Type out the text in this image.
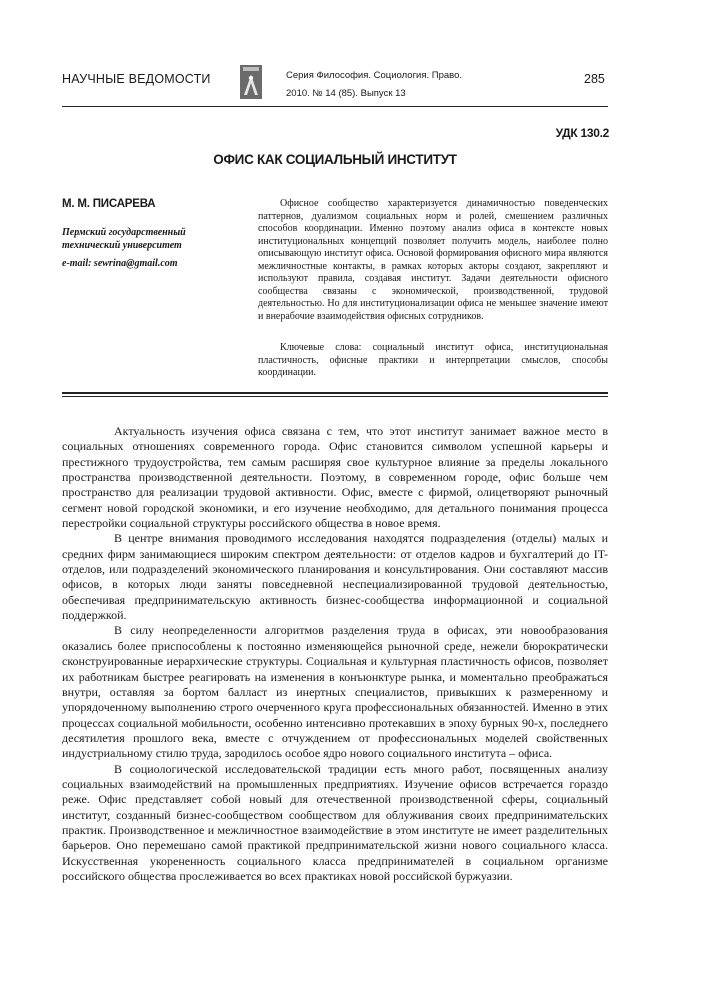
НАУЧНЫЕ ВЕДОМОСТИ	Серия Философия. Социология. Право.
2010. № 14 (85). Выпуск 13
285
УДК 130.2
ОФИС КАК СОЦИАЛЬНЫЙ ИНСТИТУТ
М. М. ПИСАРЕВА
Пермский государственный технический университет
e-mail: sewrina@gmail.com

Офисное сообщество характеризуется динамичностью поведенческих паттернов, дуализмом социальных норм и ролей, смешением различных способов координации. Именно поэтому анализ офиса в контексте новых институциональных концепций позволяет получить модель, наиболее полно описывающую институт офиса. Основой формирования офисного мира являются межличностные контакты, в рамках которых акторы создают, закрепляют и используют правила, создавая институт. Задачи деятельности офисного сообщества связаны с экономической, производственной, трудовой деятельностью. Но для институционализации офиса не меньшее значение имеют и внерабочие взаимодействия офисных сотрудников.

Ключевые слова: социальный институт офиса, институциональная пластичность, офисные практики и интерпретации смыслов, способы координации.

Актуальность изучения офиса связана с тем, что этот институт занимает важное место в социальных отношениях современного города. Офис становится символом успешной карьеры и престижного трудоустройства, тем самым расширяя свое культурное влияние за пределы локального пространства производственной деятельности. Поэтому, в современном городе, офис больше чем пространство для реализации трудовой активности. Офис, вместе с фирмой, олицетворяют рыночный сегмент новой городской экономики, и его изучение необходимо, для детального понимания процесса перестройки социальной структуры российского общества в новое время.

В центре внимания проводимого исследования находятся подразделения (отделы) малых и средних фирм занимающиеся широким спектром деятельности: от отделов кадров и бухгалтерий до IT-отделов, или подразделений экономического планирования и консультирования. Они составляют массив офисов, в которых люди заняты повседневной неспециализированной трудовой деятельностью, обеспечивая предпринимательскую активность бизнес-сообщества информационной и социальной поддержкой.

В силу неопределенности алгоритмов разделения труда в офисах, эти новообразования оказались более приспособлены к постоянно изменяющейся рыночной среде, нежели бюрократически сконструированные иерархические структуры. Социальная и культурная пластичность офисов, позволяет их работникам быстрее реагировать на изменения в конъюнктуре рынка, и моментально преображаться внутри, оставляя за бортом балласт из инертных специалистов, привыкших к размеренному и упорядоченному выполнению строго очерченного круга профессиональных обязанностей. Именно в этих процессах социальной мобильности, особенно интенсивно протекавших в эпоху бурных 90-х, последнего десятилетия прошлого века, вместе с отчуждением от профессиональных моделей свойственных индустриальному стилю труда, зародилось особое ядро нового социального института – офиса.

В социологической исследовательской традиции есть много работ, посвященных анализу социальных взаимодействий на промышленных предприятиях. Изучение офисов встречается гораздо реже. Офис представляет собой новый для отечественной производственной сферы, социальный институт, созданный бизнес-сообществом сообществом для облуживания своих предпринимательских практик. Производственное и межличностное взаимодействие в этом институте не имеет разделительных барьеров. Оно перемешано самой практикой предпринимательской жизни нового социального класса. Искусственная укорененность социального класса предпринимателей в социальном организме российского общества прослеживается во всех практиках новой российской буржуазии.
